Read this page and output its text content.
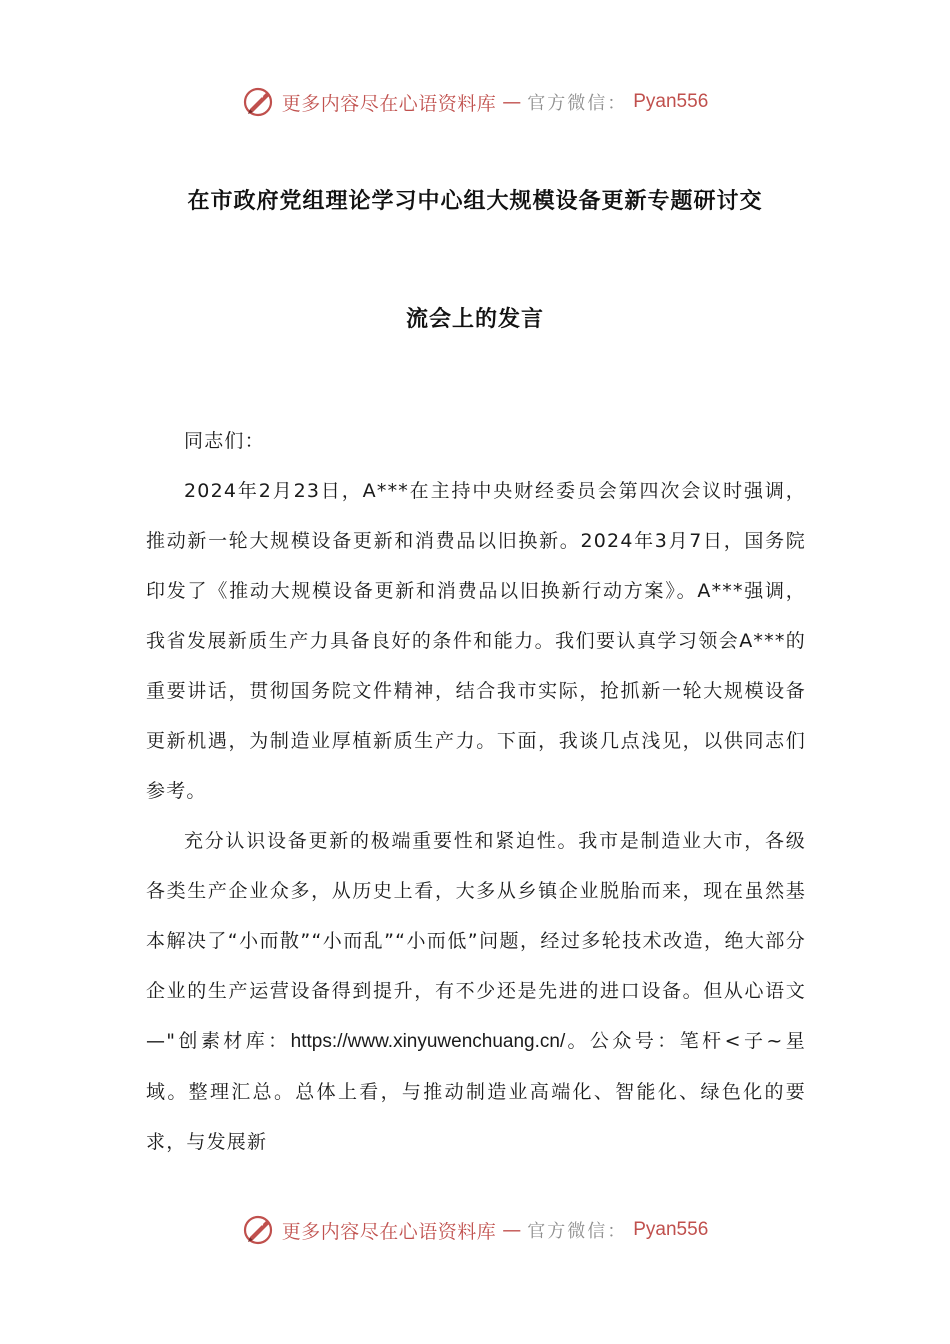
更多内容尽在心语资料库 — 官方微信： Pyan556
在市政府党组理论学习中心组大规模设备更新专题研讨交
流会上的发言

同志们：

2024年2月23日，A***在主持中央财经委员会第四次会议时强调，推动新一轮大规模设备更新和消费品以旧换新。2024年3月7日，国务院印发了《推动大规模设备更新和消费品以旧换新行动方案》。A***强调，我省发展新质生产力具备良好的条件和能力。我们要认真学习领会A***的重要讲话，贯彻国务院文件精神，结合我市实际，抢抓新一轮大规模设备更新机遇，为制造业厚植新质生产力。下面，我谈几点浅见，以供同志们参考。

充分认识设备更新的极端重要性和紧迫性。我市是制造业大市，各级各类生产企业众多，从历史上看，大多从乡镇企业脱胎而来，现在虽然基本解决了“小而散”“小而乱”“小而低”问题，经过多轮技术改造，绝大部分企业的生产运营设备得到提升，有不少还是先进的进口设备。但从心语文—"创素材库：https://www.xinyuwenchuang.cn/。公众号：笔杆<子~星域。整理汇总。总体上看，与推动制造业高端化、智能化、绿色化的要求，与发展新

更多内容尽在心语资料库 — 官方微信： Pyan556
